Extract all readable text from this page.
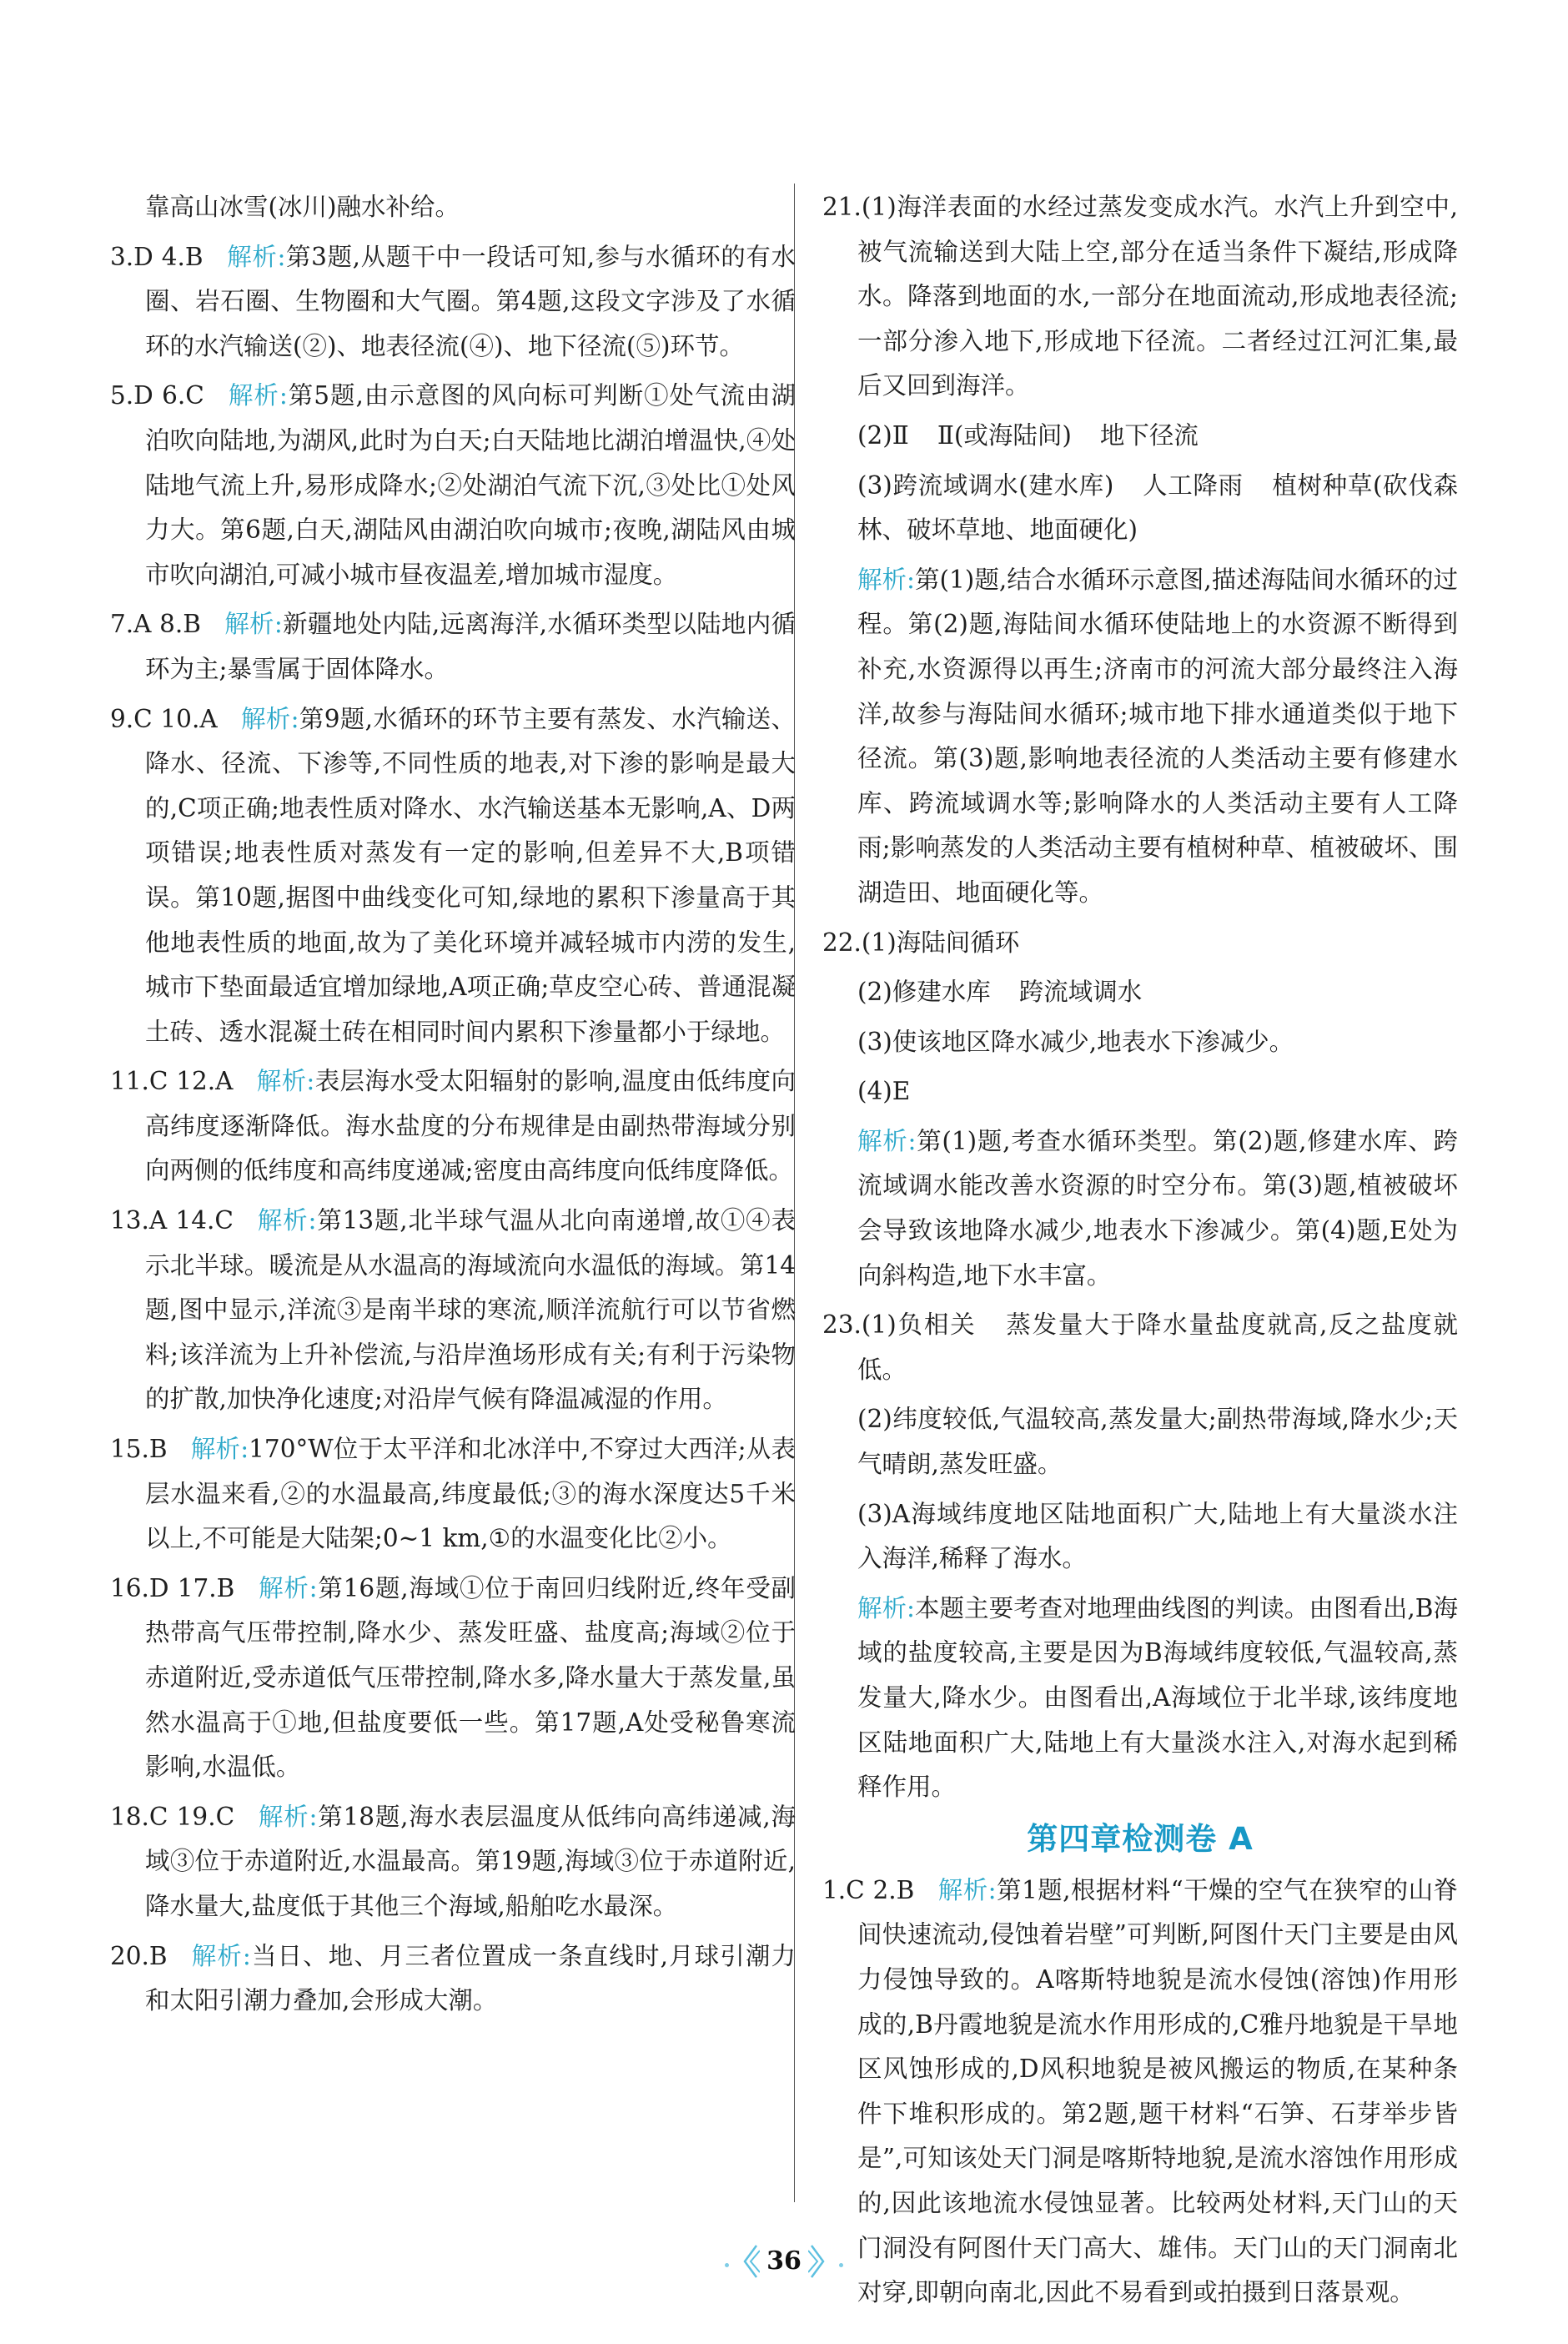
靠高山冰雪(冰川)融水补给。
3.D 4.B 解析:第3题,从题干中一段话可知,参与水循环的有水圈、岩石圈、生物圈和大气圈。第4题,这段文字涉及了水循环的水汽输送(②)、地表径流(④)、地下径流(⑤)环节。
5.D 6.C 解析:第5题,由示意图的风向标可判断①处气流由湖泊吹向陆地,为湖风,此时为白天;白天陆地比湖泊增温快,④处陆地气流上升,易形成降水;②处湖泊气流下沉,③处比①处风力大。第6题,白天,湖陆风由湖泊吹向城市;夜晚,湖陆风由城市吹向湖泊,可减小城市昼夜温差,增加城市湿度。
7.A 8.B 解析:新疆地处内陆,远离海洋,水循环类型以陆地内循环为主;暴雪属于固体降水。
9.C 10.A 解析:第9题,水循环的环节主要有蒸发、水汽输送、降水、径流、下渗等,不同性质的地表,对下渗的影响是最大的,C项正确;地表性质对降水、水汽输送基本无影响,A、D两项错误;地表性质对蒸发有一定的影响,但差异不大,B项错误。第10题,据图中曲线变化可知,绿地的累积下渗量高于其他地表性质的地面,故为了美化环境并减轻城市内涝的发生,城市下垫面最适宜增加绿地,A项正确;草皮空心砖、普通混凝土砖、透水混凝土砖在相同时间内累积下渗量都小于绿地。
11.C 12.A 解析:表层海水受太阳辐射的影响,温度由低纬度向高纬度逐渐降低。海水盐度的分布规律是由副热带海域分别向两侧的低纬度和高纬度递减;密度由高纬度向低纬度降低。
13.A 14.C 解析:第13题,北半球气温从北向南递增,故①④表示北半球。暖流是从水温高的海域流向水温低的海域。第14题,图中显示,洋流③是南半球的寒流,顺洋流航行可以节省燃料;该洋流为上升补偿流,与沿岸渔场形成有关;有利于污染物的扩散,加快净化速度;对沿岸气候有降温减湿的作用。
15.B 解析:170°W位于太平洋和北冰洋中,不穿过大西洋;从表层水温来看,②的水温最高,纬度最低;③的海水深度达5千米以上,不可能是大陆架;0~1 km,①的水温变化比②小。
16.D 17.B 解析:第16题,海域①位于南回归线附近,终年受副热带高气压带控制,降水少、蒸发旺盛、盐度高;海域②位于赤道附近,受赤道低气压带控制,降水多,降水量大于蒸发量,虽然水温高于①地,但盐度要低一些。第17题,A处受秘鲁寒流影响,水温低。
18.C 19.C 解析:第18题,海水表层温度从低纬向高纬递减,海域③位于赤道附近,水温最高。第19题,海域③位于赤道附近,降水量大,盐度低于其他三个海域,船舶吃水最深。
20.B 解析:当日、地、月三者位置成一条直线时,月球引潮力和太阳引潮力叠加,会形成大潮。
21.(1)海洋表面的水经过蒸发变成水汽。水汽上升到空中,被气流输送到大陆上空,部分在适当条件下凝结,形成降水。降落到地面的水,一部分在地面流动,形成地表径流;一部分渗入地下,形成地下径流。二者经过江河汇集,最后又回到海洋。
(2)Ⅱ Ⅱ(或海陆间) 地下径流
(3)跨流域调水(建水库) 人工降雨 植树种草(砍伐森林、破坏草地、地面硬化)
解析:第(1)题,结合水循环示意图,描述海陆间水循环的过程。第(2)题,海陆间水循环使陆地上的水资源不断得到补充,水资源得以再生;济南市的河流大部分最终注入海洋,故参与海陆间水循环;城市地下排水通道类似于地下径流。第(3)题,影响地表径流的人类活动主要有修建水库、跨流域调水等;影响降水的人类活动主要有人工降雨;影响蒸发的人类活动主要有植树种草、植被破坏、围湖造田、地面硬化等。
22.(1)海陆间循环
(2)修建水库 跨流域调水
(3)使该地区降水减少,地表水下渗减少。
(4)E
解析:第(1)题,考查水循环类型。第(2)题,修建水库、跨流域调水能改善水资源的时空分布。第(3)题,植被破坏会导致该地降水减少,地表水下渗减少。第(4)题,E处为向斜构造,地下水丰富。
23.(1)负相关 蒸发量大于降水量盐度就高,反之盐度就低。
(2)纬度较低,气温较高,蒸发量大;副热带海域,降水少;天气晴朗,蒸发旺盛。
(3)A海域纬度地区陆地面积广大,陆地上有大量淡水注入海洋,稀释了海水。
解析:本题主要考查对地理曲线图的判读。由图看出,B海域的盐度较高,主要是因为B海域纬度较低,气温较高,蒸发量大,降水少。由图看出,A海域位于北半球,该纬度地区陆地面积广大,陆地上有大量淡水注入,对海水起到稀释作用。
第四章检测卷 A
1.C 2.B 解析:第1题,根据材料“干燥的空气在狭窄的山脊间快速流动,侵蚀着岩壁”可判断,阿图什天门主要是由风力侵蚀导致的。A喀斯特地貌是流水侵蚀(溶蚀)作用形成的,B丹霞地貌是流水作用形成的,C雅丹地貌是干旱地区风蚀形成的,D风积地貌是被风搬运的物质,在某种条件下堆积形成的。第2题,题干材料“石笋、石芽举步皆是”,可知该处天门洞是喀斯特地貌,是流水溶蚀作用形成的,因此该地流水侵蚀显著。比较两处材料,天门山的天门洞没有阿图什天门高大、雄伟。天门山的天门洞南北对穿,即朝向南北,因此不易看到或拍摄到日落景观。

36
